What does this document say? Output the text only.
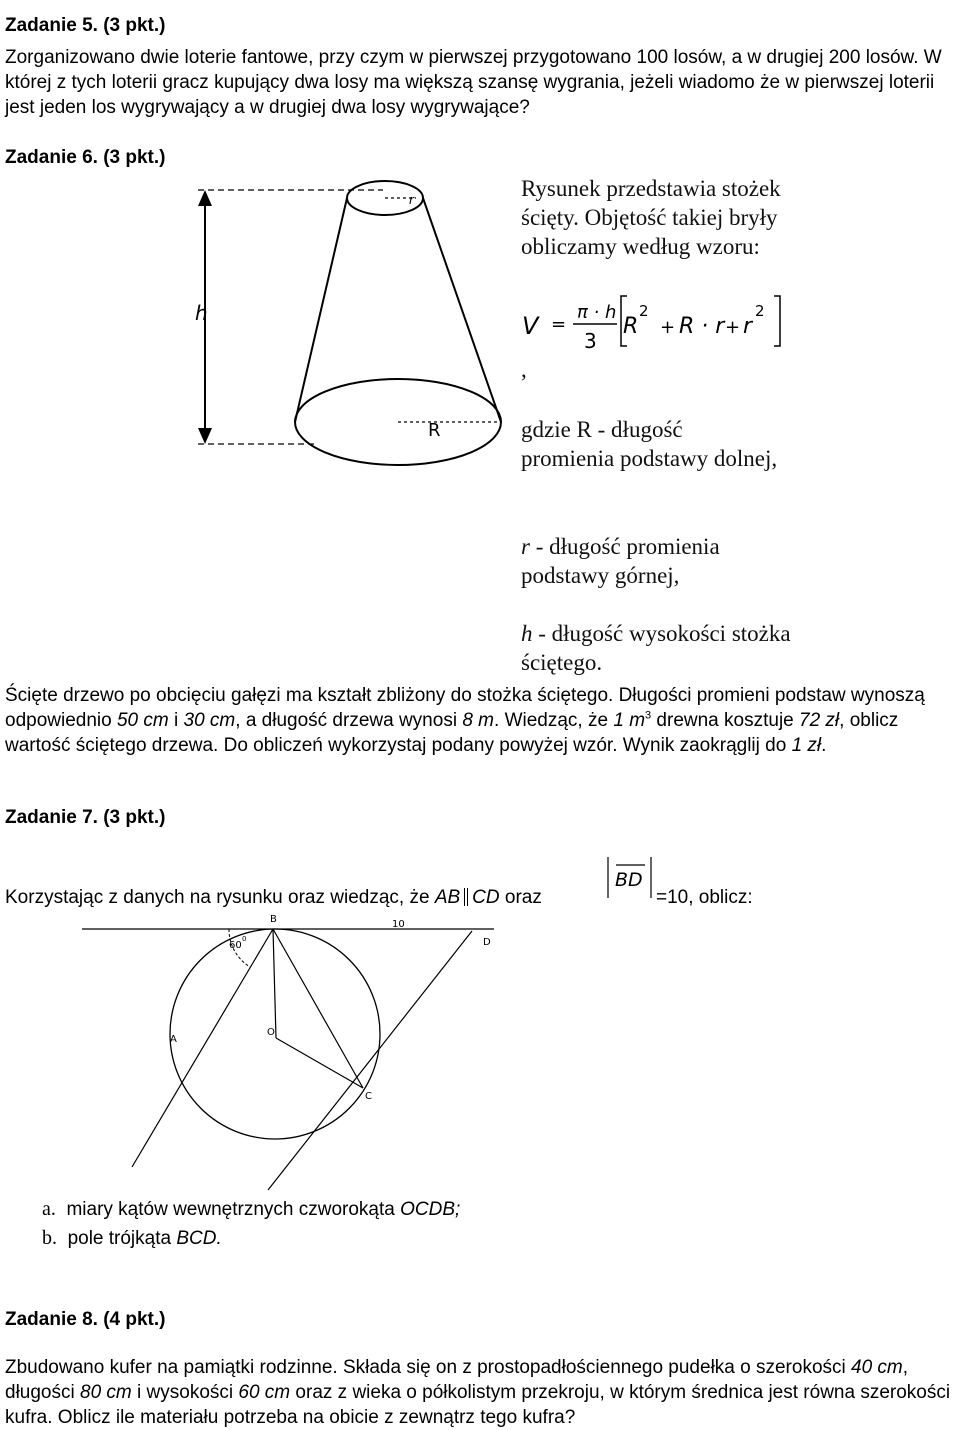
Zadanie 5. (3 pkt.)
Zorganizowano dwie loterie fantowe, przy czym w pierwszej przygotowano 100 losów, a w drugiej 200 losów. W której z tych loterii gracz kupujący dwa losy ma większą szansę wygrania, jeżeli wiadomo że w pierwszej loterii jest jeden los wygrywający a w drugiej dwa losy wygrywające?
Zadanie 6. (3 pkt.)
r
R
h
Rysunek przedstawia stożek ścięty. Objętość takiej bryły obliczamy według wzoru:
V =
π · h
3
R
2
+ R · r + r
2
,
gdzie R - długość promienia podstawy dolnej,
r - długość promienia podstawy górnej,
h - długość wysokości stożka ściętego.
Ścięte drzewo po obcięciu gałęzi ma kształt zbliżony do stożka ściętego. Długości promieni podstaw wynoszą odpowiednio 50 cm i 30 cm, a długość drzewa wynosi 8 m. Wiedząc, że 1 $m^3$ drewna kosztuje 72 zł, oblicz wartość ściętego drzewa. Do obliczeń wykorzystaj podany powyżej wzór. Wynik zaokrąglij do 1 zł.
Zadanie 7. (3 pkt.)
Korzystając z danych na rysunku oraz wiedząc, że AB CD oraz
BD
=10, oblicz:
B
D
A
O
C
10
60
0
a. miary kątów wewnętrznych czworokąta OCDB;
b. pole trójkąta BCD.
Zadanie 8. (4 pkt.)
Zbudowano kufer na pamiątki rodzinne. Składa się on z prostopadłościennego pudełka o szerokości 40 cm, długości 80 cm i wysokości 60 cm oraz z wieka o półkolistym przekroju, w którym średnica jest równa szerokości kufra. Oblicz ile materiału potrzeba na obicie z zewnątrz tego kufra?
